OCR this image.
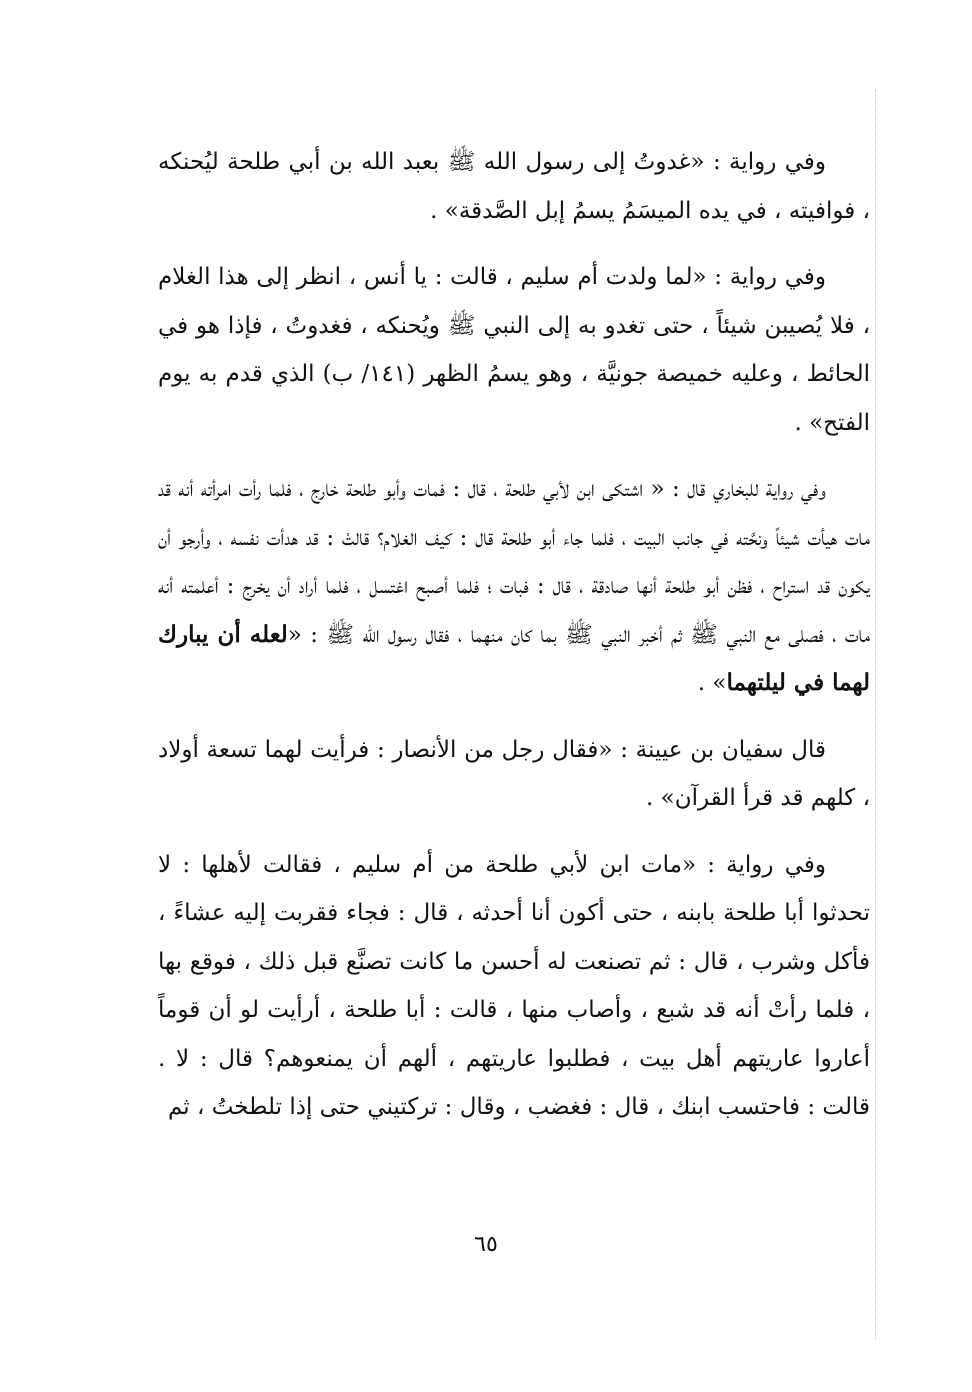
وفي رواية : «غدوتُ إلى رسول الله ﷺ بعبد الله بن أبي طلحة ليُحنكه ، فوافيته ، في يده الميسَمُ يسمُ إبل الصَّدقة» .

وفي رواية : «لما ولدت أم سليم ، قالت : يا أنس ، انظر إلى هذا الغلام ، فلا يُصيبن شيئاً ، حتى تغدو به إلى النبي ﷺ ويُحنكه ، فغدوتُ ، فإذا هو في الحائط ، وعليه خميصة جونيَّة ، وهو يسمُ الظهر (١٤١/ ب) الذي قدم به يوم الفتح» .

وفي رواية للبخاري قال : « اشتكى ابن لأبي طلحة ، قال : فمات وأبو طلحة خارج ، فلما رأت امرأته أنه قد مات هيأت شيئاً ونحَّته في جانب البيت ، فلما جاء أبو طلحة قال : كيف الغلام؟ قالتْ : قد هدأت نفسه ، وأرجو أن يكون قد استراح ، فظن أبو طلحة أنها صادقة ، قال : فبات ؛ فلما أصبح اغتسل ، فلما أراد أن يخرج : أعلمته أنه مات ، فصلى مع النبي ﷺ ثم أخبر النبي ﷺ بما كان منهما ، فقال رسول الله ﷺ : «لعله أن يبارك لهما في ليلتهما» .

قال سفيان بن عيينة : «فقال رجل من الأنصار : فرأيت لهما تسعة أولاد ، كلهم قد قرأ القرآن» .

وفي رواية : «مات ابن لأبي طلحة من أم سليم ، فقالت لأهلها : لا تحدثوا أبا طلحة بابنه ، حتى أكون أنا أحدثه ، قال : فجاء فقربت إليه عشاءً ، فأكل وشرب ، قال : ثم تصنعت له أحسن ما كانت تصنَّع قبل ذلك ، فوقع بها ، فلما رأتْ أنه قد شبع ، وأصاب منها ، قالت : أبا طلحة ، أرأيت لو أن قوماً أعاروا عاريتهم أهل بيت ، فطلبوا عاريتهم ، ألهم أن يمنعوهم؟ قال : لا . قالت : فاحتسب ابنك ، قال : فغضب ، وقال : تركتيني حتى إذا تلطختُ ، ثم

٦٥
